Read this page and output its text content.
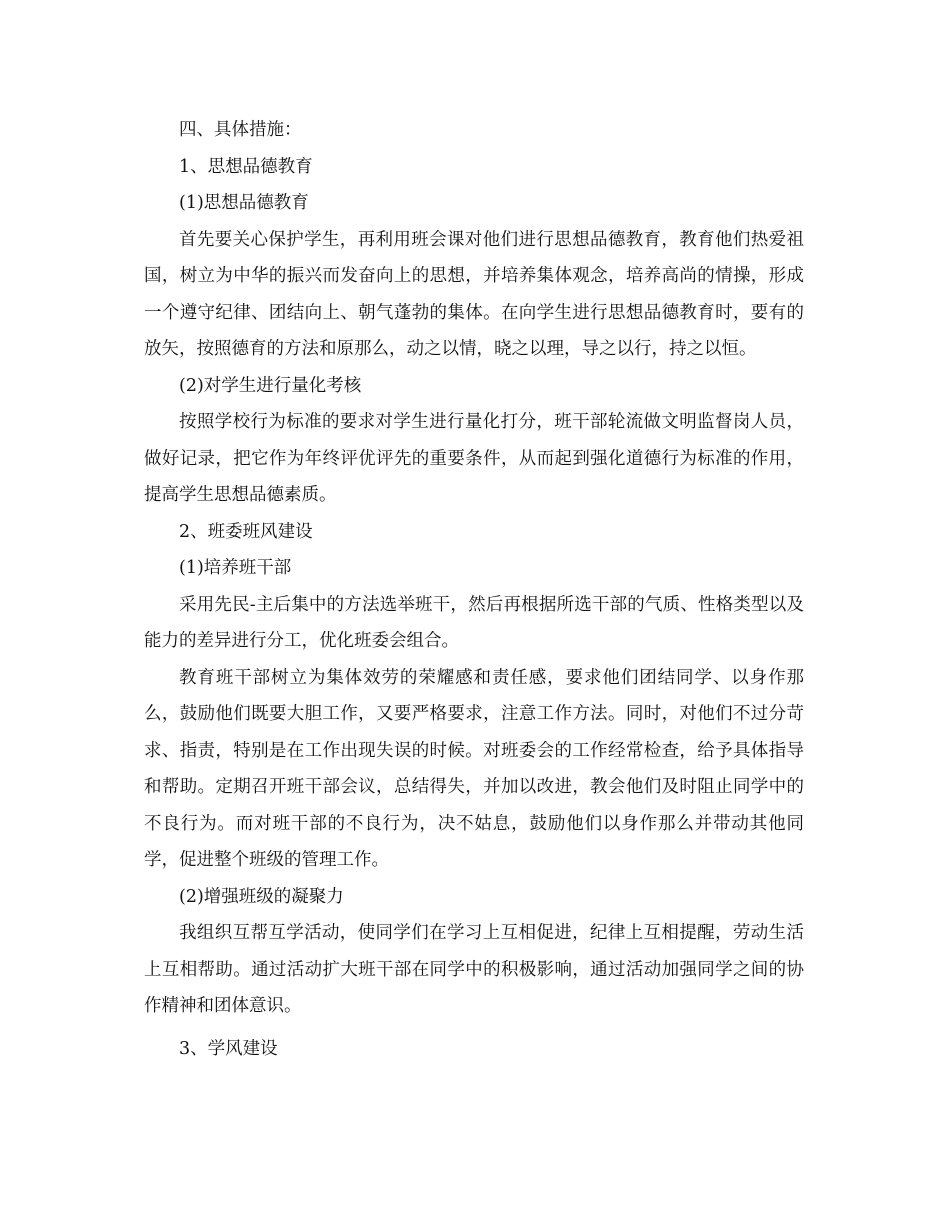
四、具体措施：

1、思想品德教育

(1)思想品德教育

首先要关心保护学生，再利用班会课对他们进行思想品德教育，教育他们热爱祖国，树立为中华的振兴而发奋向上的思想，并培养集体观念，培养高尚的情操，形成一个遵守纪律、团结向上、朝气蓬勃的集体。在向学生进行思想品德教育时，要有的放矢，按照德育的方法和原那么，动之以情，晓之以理，导之以行，持之以恒。

(2)对学生进行量化考核

按照学校行为标准的要求对学生进行量化打分，班干部轮流做文明监督岗人员，做好记录，把它作为年终评优评先的重要条件，从而起到强化道德行为标准的作用，提高学生思想品德素质。

2、班委班风建设

(1)培养班干部

采用先民-主后集中的方法选举班干，然后再根据所选干部的气质、性格类型以及能力的差异进行分工，优化班委会组合。

教育班干部树立为集体效劳的荣耀感和责任感，要求他们团结同学、以身作那么，鼓励他们既要大胆工作，又要严格要求，注意工作方法。同时，对他们不过分苛求、指责，特别是在工作出现失误的时候。对班委会的工作经常检查，给予具体指导和帮助。定期召开班干部会议，总结得失，并加以改进，教会他们及时阻止同学中的不良行为。而对班干部的不良行为，决不姑息，鼓励他们以身作那么并带动其他同学，促进整个班级的管理工作。

(2)增强班级的凝聚力

我组织互帮互学活动，使同学们在学习上互相促进，纪律上互相提醒，劳动生活上互相帮助。通过活动扩大班干部在同学中的积极影响，通过活动加强同学之间的协作精神和团体意识。

3、学风建设
